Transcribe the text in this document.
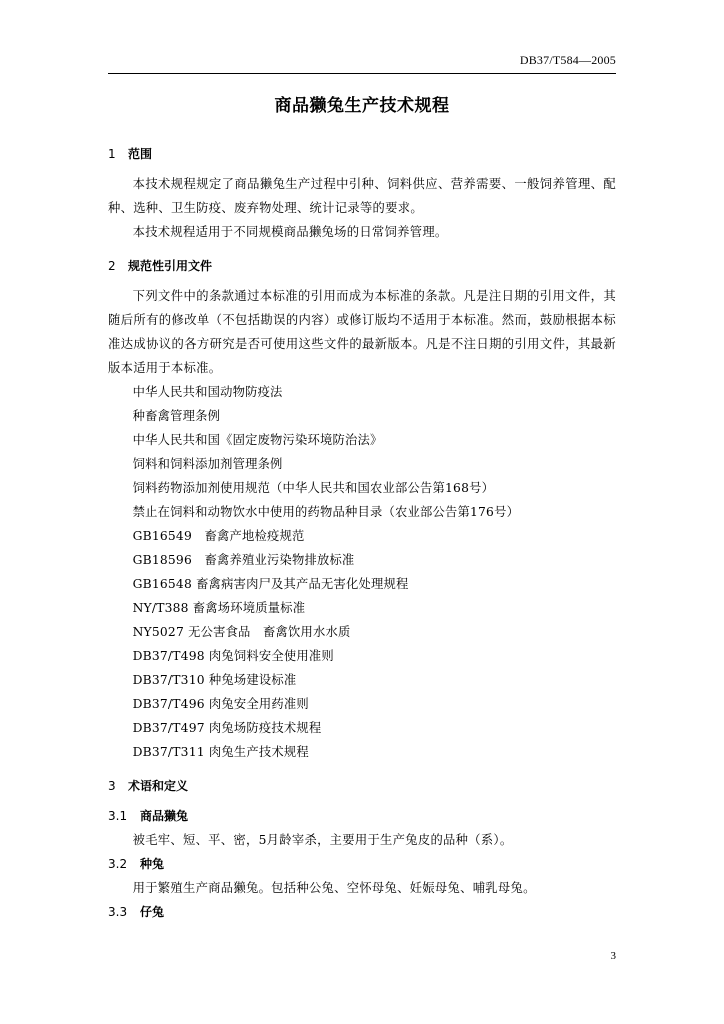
DB37/T584—2005
商品獭兔生产技术规程
1 范围

本技术规程规定了商品獭兔生产过程中引种、饲料供应、营养需要、一般饲养管理、配种、选种、卫生防疫、废弃物处理、统计记录等的要求。

本技术规程适用于不同规模商品獭兔场的日常饲养管理。

2 规范性引用文件

下列文件中的条款通过本标准的引用而成为本标准的条款。凡是注日期的引用文件，其随后所有的修改单（不包括勘误的内容）或修订版均不适用于本标准。然而，鼓励根据本标准达成协议的各方研究是否可使用这些文件的最新版本。凡是不注日期的引用文件，其最新版本适用于本标准。

中华人民共和国动物防疫法

种畜禽管理条例

中华人民共和国《固定废物污染环境防治法》

饲料和饲料添加剂管理条例

饲料药物添加剂使用规范（中华人民共和国农业部公告第168号）

禁止在饲料和动物饮水中使用的药物品种目录（农业部公告第176号）

GB16549　畜禽产地检疫规范

GB18596　畜禽养殖业污染物排放标准

GB16548 畜禽病害肉尸及其产品无害化处理规程

NY/T388 畜禽场环境质量标准

NY5027 无公害食品　畜禽饮用水水质

DB37/T498 肉兔饲料安全使用准则

DB37/T310 种兔场建设标准

DB37/T496 肉兔安全用药准则

DB37/T497 肉兔场防疫技术规程

DB37/T311 肉兔生产技术规程

3 术语和定义
3.1 商品獭兔

被毛牢、短、平、密，5月龄宰杀，主要用于生产兔皮的品种（系）。

3.2 种兔

用于繁殖生产商品獭兔。包括种公兔、空怀母兔、妊娠母兔、哺乳母兔。

3.3 仔兔
3
